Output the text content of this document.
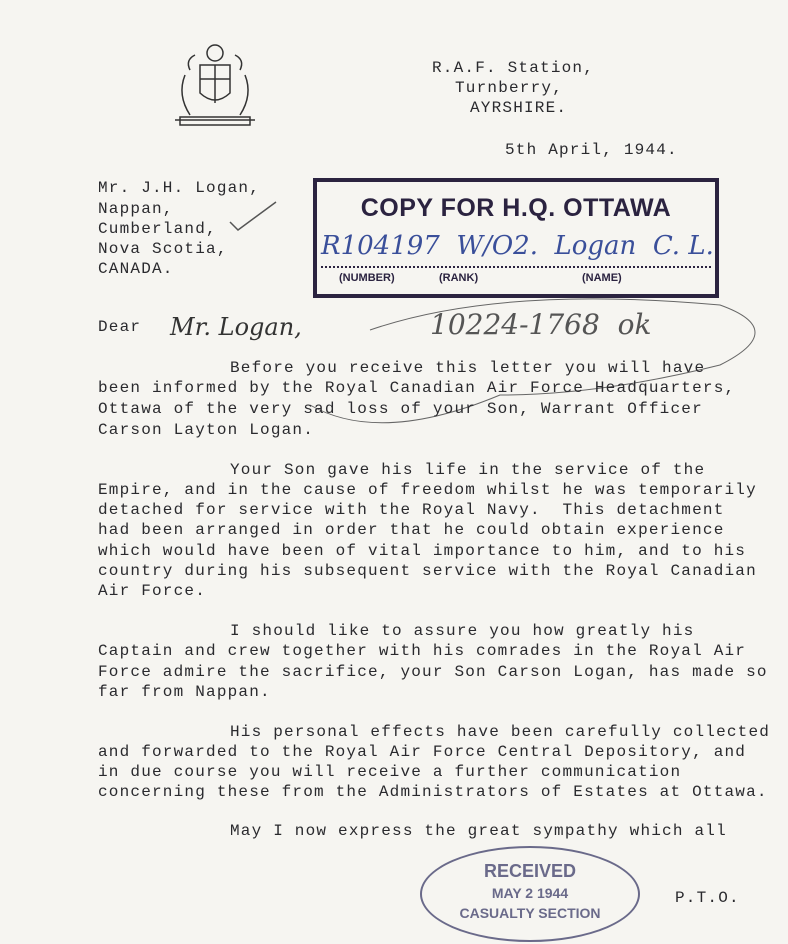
R.A.F. Station,
Turnberry,
AYRSHIRE.
5th April, 1944.
Mr. J.H. Logan,
Nappan,
Cumberland,
Nova Scotia,
CANADA.
COPY FOR H.Q. OTTAWA
R104197  W/O2.  Logan  C. L.
(NUMBER)	(RANK)	(NAME)
10224-1768  ok
Dear Mr. Logan,
Before you receive this letter you will have
been informed by the Royal Canadian Air Force Headquarters,
Ottawa of the very sad loss of your Son, Warrant Officer
Carson Layton Logan.
Your Son gave his life in the service of the
Empire, and in the cause of freedom whilst he was temporarily
detached for service with the Royal Navy.  This detachment
had been arranged in order that he could obtain experience
which would have been of vital importance to him, and to his
country during his subsequent service with the Royal Canadian
Air Force.
I should like to assure you how greatly his
Captain and crew together with his comrades in the Royal Air
Force admire the sacrifice, your Son Carson Logan, has made so
far from Nappan.
His personal effects have been carefully collected
and forwarded to the Royal Air Force Central Depository, and
in due course you will receive a further communication
concerning these from the Administrators of Estates at Ottawa.
May I now express the great sympathy which all
P.T.O.
RECEIVED
MAY 2 1944
CASUALTY SECTION
